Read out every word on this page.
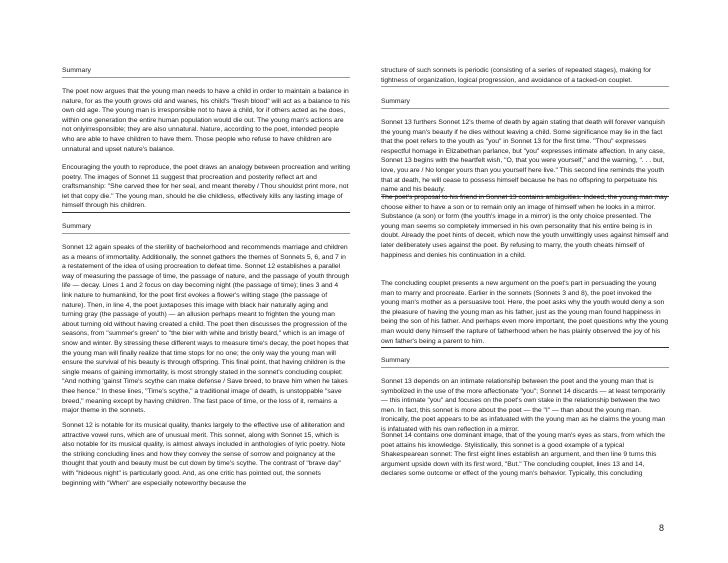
Summary
The poet now argues that the young man needs to have a child in order to maintain a balance in nature, for as the youth grows old and wanes, his child's "fresh blood" will act as a balance to his own old age. The young man is irresponsible not to have a child, for if others acted as he does, within one generation the entire human population would die out. The young man's actions are not onlyirresponsible; they are also unnatural. Nature, according to the poet, intended people who are able to have children to have them. Those people who refuse to have children are unnatural and upset nature's balance.
Encouraging the youth to reproduce, the poet draws an analogy between procreation and writing poetry. The images of Sonnet 11 suggest that procreation and posterity reflect art and craftsmanship: "She carved thee for her seal, and meant thereby / Thou shouldst print more, not let that copy die." The young man, should he die childless, effectively kills any lasting image of himself through his children.
Summary
Sonnet 12 again speaks of the sterility of bachelorhood and recommends marriage and children as a means of immortality. Additionally, the sonnet gathers the themes of Sonnets 5, 6, and 7 in a restatement of the idea of using procreation to defeat time. Sonnet 12 establishes a parallel way of measuring the passage of time, the passage of nature, and the passage of youth through life — decay. Lines 1 and 2 focus on day becoming night (the passage of time); lines 3 and 4 link nature to humankind, for the poet first evokes a flower's wilting stage (the passage of nature). Then, in line 4, the poet juxtaposes this image with black hair naturally aging and turning gray (the passage of youth) — an allusion perhaps meant to frighten the young man about turning old without having created a child. The poet then discusses the progression of the seasons, from "summer's green" to "the bier with white and bristly beard," which is an image of snow and winter. By stressing these different ways to measure time's decay, the poet hopes that the young man will finally realize that time stops for no one; the only way the young man will ensure the survival of his beauty is through offspring. This final point, that having children is the single means of gaining immortality, is most strongly stated in the sonnet's concluding couplet: "And nothing 'gainst Time's scythe can make defense / Save breed, to brave him when he takes thee hence." In these lines, "Time's scythe," a traditional image of death, is unstoppable "save breed," meaning except by having children. The fast pace of time, or the loss of it, remains a major theme in the sonnets.
Sonnet 12 is notable for its musical quality, thanks largely to the effective use of alliteration and attractive vowel runs, which are of unusual merit. This sonnet, along with Sonnet 15, which is also notable for its musical quality, is almost always included in anthologies of lyric poetry. Note the striking concluding lines and how they convey the sense of sorrow and poignancy at the thought that youth and beauty must be cut down by time's scythe. The contrast of "brave day" with "hideous night" is particularly good. And, as one critic has pointed out, the sonnets beginning with "When" are especially noteworthy because the
structure of such sonnets is periodic (consisting of a series of repeated stages), making for tightness of organization, logical progression, and avoidance of a tacked-on couplet.
Summary
Sonnet 13 furthers Sonnet 12's theme of death by again stating that death will forever vanquish the young man's beauty if he dies without leaving a child. Some significance may lie in the fact that the poet refers to the youth as "you" in Sonnet 13 for the first time. "Thou" expresses respectful homage in Elizabethan parlance, but "you" expresses intimate affection. In any case, Sonnet 13 begins with the heartfelt wish, "O, that you were yourself," and the warning, ". . . but, love, you are / No longer yours than you yourself here live." This second line reminds the youth that at death, he will cease to possess himself because he has no offspring to perpetuate his name and his beauty.
The poet's proposal to his friend in Sonnet 13 contains ambiguities. Indeed, the young man may choose either to have a son or to remain only an image of himself when he looks in a mirror. Substance (a son) or form (the youth's image in a mirror) is the only choice presented. The young man seems so completely immersed in his own personality that his entire being is in doubt. Already the poet hints of deceit, which now the youth unwittingly uses against himself and later deliberately uses against the poet. By refusing to marry, the youth cheats himself of happiness and denies his continuation in a child.
The concluding couplet presents a new argument on the poet's part in persuading the young man to marry and procreate. Earlier in the sonnets (Sonnets 3 and 8), the poet invoked the young man's mother as a persuasive tool. Here, the poet asks why the youth would deny a son the pleasure of having the young man as his father, just as the young man found happiness in being the son of his father. And perhaps even more important, the poet questions why the young man would deny himself the rapture of fatherhood when he has plainly observed the joy of his own father's being a parent to him.
Summary
Sonnet 13 depends on an intimate relationship between the poet and the young man that is symbolized in the use of the more affectionate "you"; Sonnet 14 discards — at least temporarily — this intimate "you" and focuses on the poet's own stake in the relationship between the two men. In fact, this sonnet is more about the poet — the "I" — than about the young man. Ironically, the poet appears to be as infatuated with the young man as he claims the young man is infatuated with his own reflection in a mirror.
Sonnet 14 contains one dominant image, that of the young man's eyes as stars, from which the poet attains his knowledge. Stylistically, this sonnet is a good example of a typical Shakespearean sonnet: The first eight lines establish an argument, and then line 9 turns this argument upside down with its first word, "But." The concluding couplet, lines 13 and 14, declares some outcome or effect of the young man's behavior. Typically, this concluding
8
